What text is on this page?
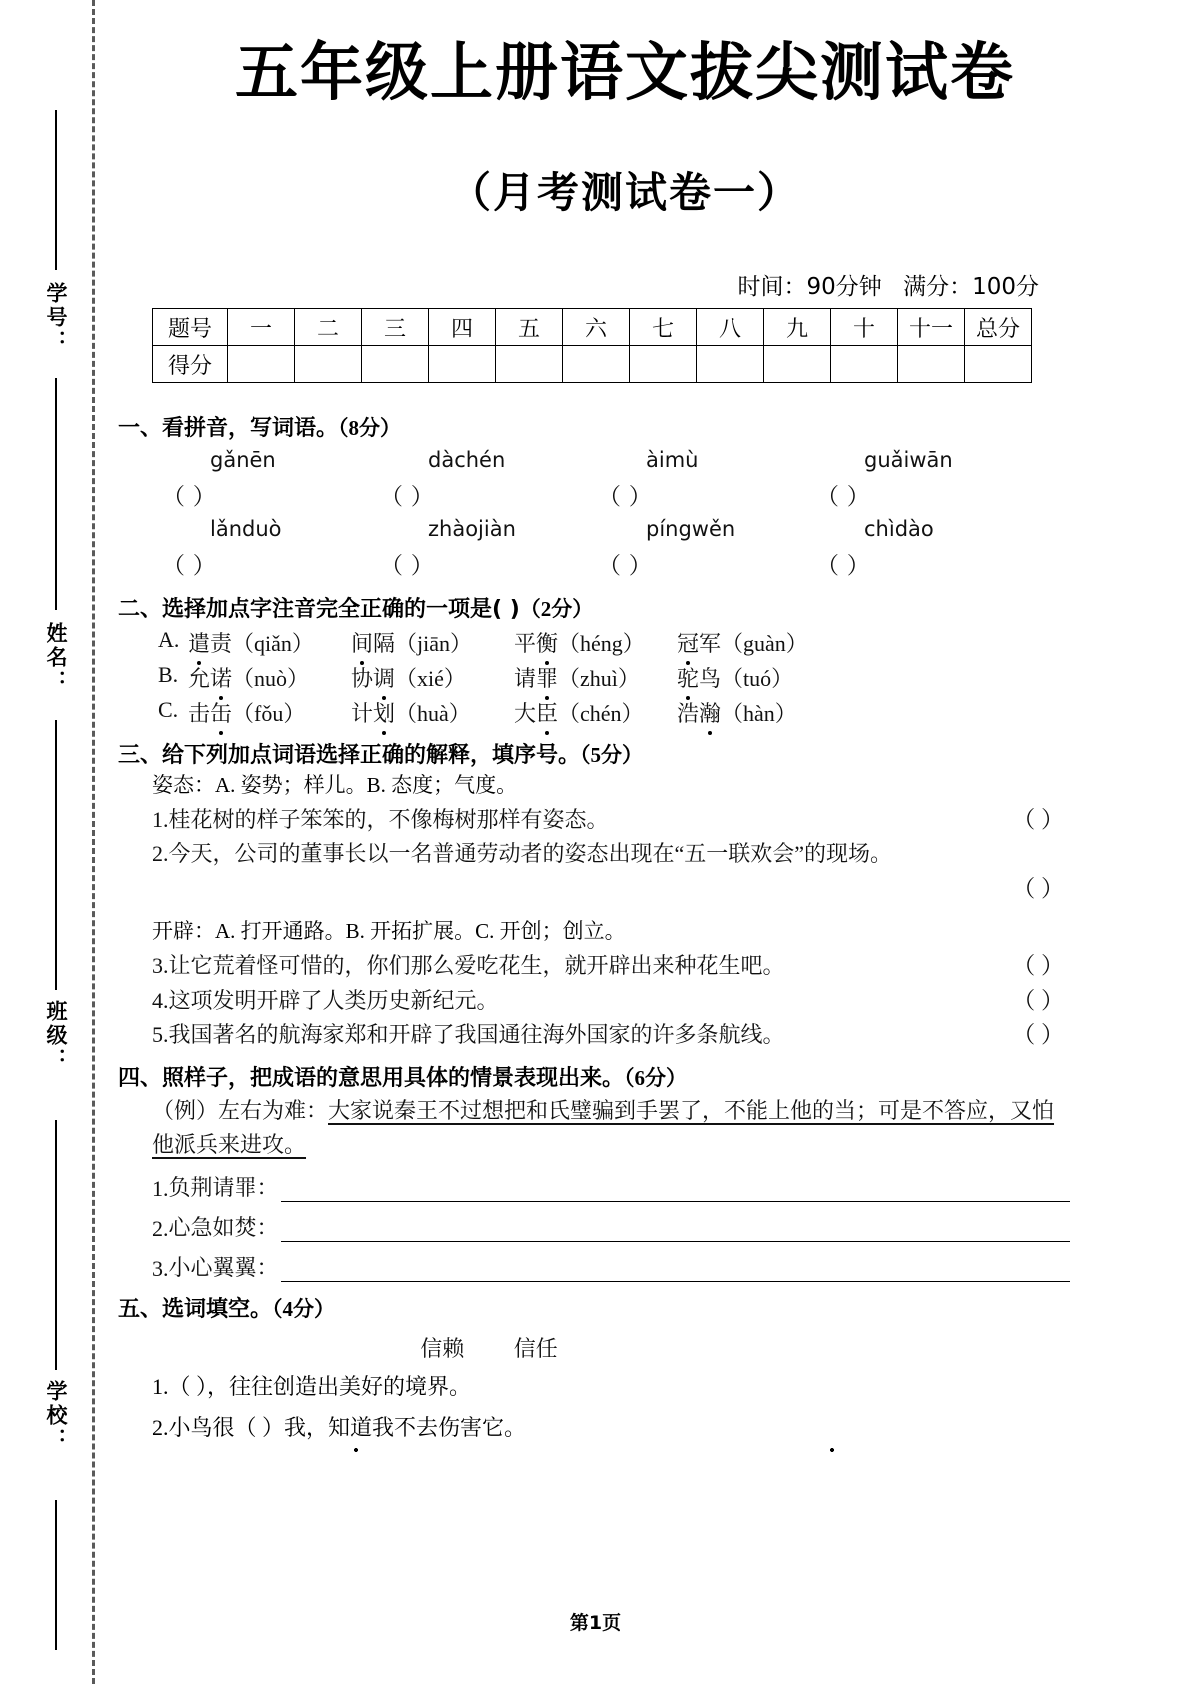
学号：
姓名：
班级：
学校：
五年级上册语文拔尖测试卷
（月考测试卷一）
时间：90分钟 满分：100分
题号	一	二	三	四	五	六	七	八	九	十	十一	总分
得分												
一、看拼音，写词语。（8分）
gǎnēn	dàchén	àimù	guǎiwān
（ ）	（ ）	（ ）	（ ）
lǎnduò	zhàojiàn	píngwěn	chìdào
（ ）	（ ）	（ ）	（ ）
二、选择加点字注音完全正确的一项是( )（2分）
A. 遣责（qiǎn）	间隔（jiān）	平衡（héng）	冠军（guàn）
B. 允诺（nuò）	协调（xié）	请罪（zhuì）	驼鸟（tuó）
C. 击缶（fǒu）	计划（huà）	大臣（chén）	浩瀚（hàn）
三、给下列加点词语选择正确的解释，填序号。（5分）
姿态：A. 姿势；样儿。B. 态度；气度。
1.桂花树的样子笨笨的，不像梅树那样有姿态。	（ ）
2.今天，公司的董事长以一名普通劳动者的姿态出现在“五一联欢会”的现场。
（ ）
开辟：A. 打开通路。B. 开拓扩展。C. 开创；创立。
3.让它荒着怪可惜的，你们那么爱吃花生，就开辟出来种花生吧。	（ ）
4.这项发明开辟了人类历史新纪元。	（ ）
5.我国著名的航海家郑和开辟了我国通往海外国家的许多条航线。	（ ）
四、照样子，把成语的意思用具体的情景表现出来。（6分）
（例）左右为难：大家说秦王不过想把和氏璧骗到手罢了，不能上他的当；可是不答应，又怕他派兵来进攻。
1. 负荆请罪：
2. 心急如焚：
3. 小心翼翼：
五、选词填空。（4分）
信赖 信任
1.（ ），往往创造出美好的境界。
2.小鸟很（ ）我，知道我不去伤害它。
第1页
